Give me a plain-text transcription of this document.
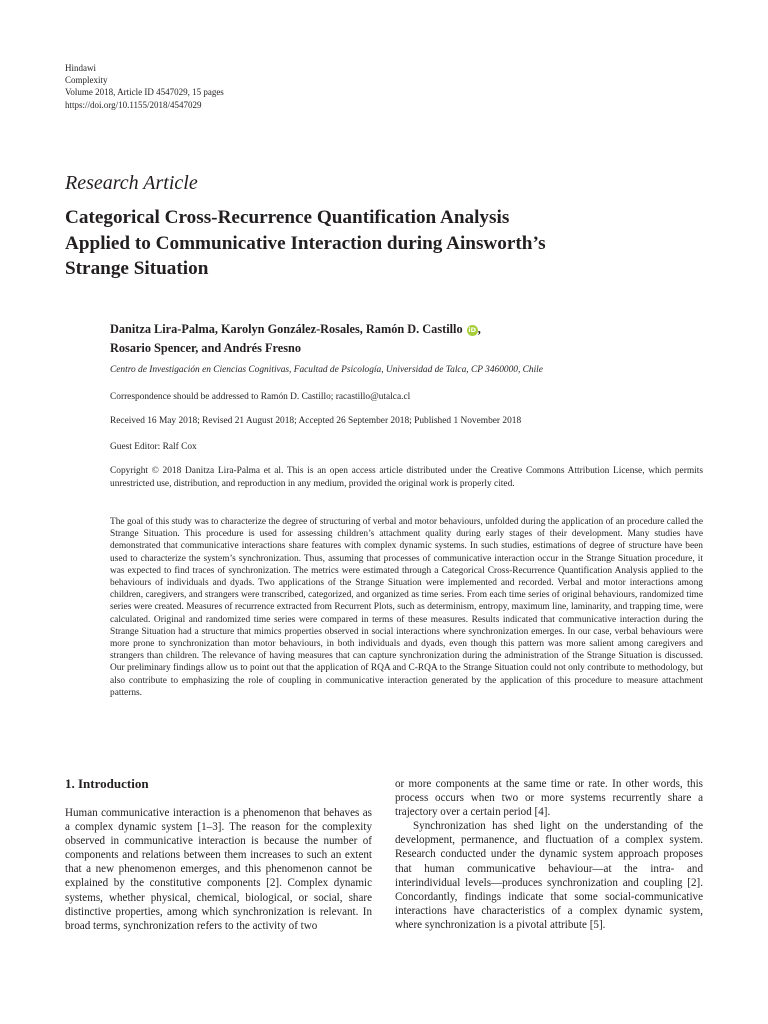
Hindawi
Complexity
Volume 2018, Article ID 4547029, 15 pages
https://doi.org/10.1155/2018/4547029
Research Article
Categorical Cross-Recurrence Quantification Analysis
Applied to Communicative Interaction during Ainsworth’s
Strange Situation
Danitza Lira-Palma, Karolyn González-Rosales, Ramón D. Castillo iD ,
Rosario Spencer, and Andrés Fresno
Centro de Investigación en Ciencias Cognitivas, Facultad de Psicología, Universidad de Talca, CP 3460000, Chile
Correspondence should be addressed to Ramón D. Castillo; racastillo@utalca.cl
Received 16 May 2018; Revised 21 August 2018; Accepted 26 September 2018; Published 1 November 2018
Guest Editor: Ralf Cox
Copyright © 2018 Danitza Lira-Palma et al. This is an open access article distributed under the Creative Commons Attribution License, which permits unrestricted use, distribution, and reproduction in any medium, provided the original work is properly cited.
The goal of this study was to characterize the degree of structuring of verbal and motor behaviours, unfolded during the application of an procedure called the Strange Situation. This procedure is used for assessing children’s attachment quality during early stages of their development. Many studies have demonstrated that communicative interactions share features with complex dynamic systems. In such studies, estimations of degree of structure have been used to characterize the system’s synchronization. Thus, assuming that processes of communicative interaction occur in the Strange Situation procedure, it was expected to find traces of synchronization. The metrics were estimated through a Categorical Cross-Recurrence Quantification Analysis applied to the behaviours of individuals and dyads. Two applications of the Strange Situation were implemented and recorded. Verbal and motor interactions among children, caregivers, and strangers were transcribed, categorized, and organized as time series. From each time series of original behaviours, randomized time series were created. Measures of recurrence extracted from Recurrent Plots, such as determinism, entropy, maximum line, laminarity, and trapping time, were calculated. Original and randomized time series were compared in terms of these measures. Results indicated that communicative interaction during the Strange Situation had a structure that mimics properties observed in social interactions where synchronization emerges. In our case, verbal behaviours were more prone to synchronization than motor behaviours, in both individuals and dyads, even though this pattern was more salient among caregivers and strangers than children. The relevance of having measures that can capture synchronization during the administration of the Strange Situation is discussed. Our preliminary findings allow us to point out that the application of RQA and C-RQA to the Strange Situation could not only contribute to methodology, but also contribute to emphasizing the role of coupling in communicative interaction generated by the application of this procedure to measure attachment patterns.
1. Introduction

Human communicative interaction is a phenomenon that behaves as a complex dynamic system [1–3]. The reason for the complexity observed in communicative interaction is because the number of components and relations between them increases to such an extent that a new phenomenon emerges, and this phenomenon cannot be explained by the constitutive components [2]. Complex dynamic systems, whether physical, chemical, biological, or social, share distinctive properties, among which synchronization is relevant. In broad terms, synchronization refers to the activity of two

or more components at the same time or rate. In other words, this process occurs when two or more systems recurrently share a trajectory over a certain period [4].

Synchronization has shed light on the understanding of the development, permanence, and fluctuation of a complex system. Research conducted under the dynamic system approach proposes that human communicative behaviour—at the intra- and interindividual levels—produces synchronization and coupling [2]. Concordantly, findings indicate that some social-communicative interactions have characteristics of a complex dynamic system, where synchronization is a pivotal attribute [5].
